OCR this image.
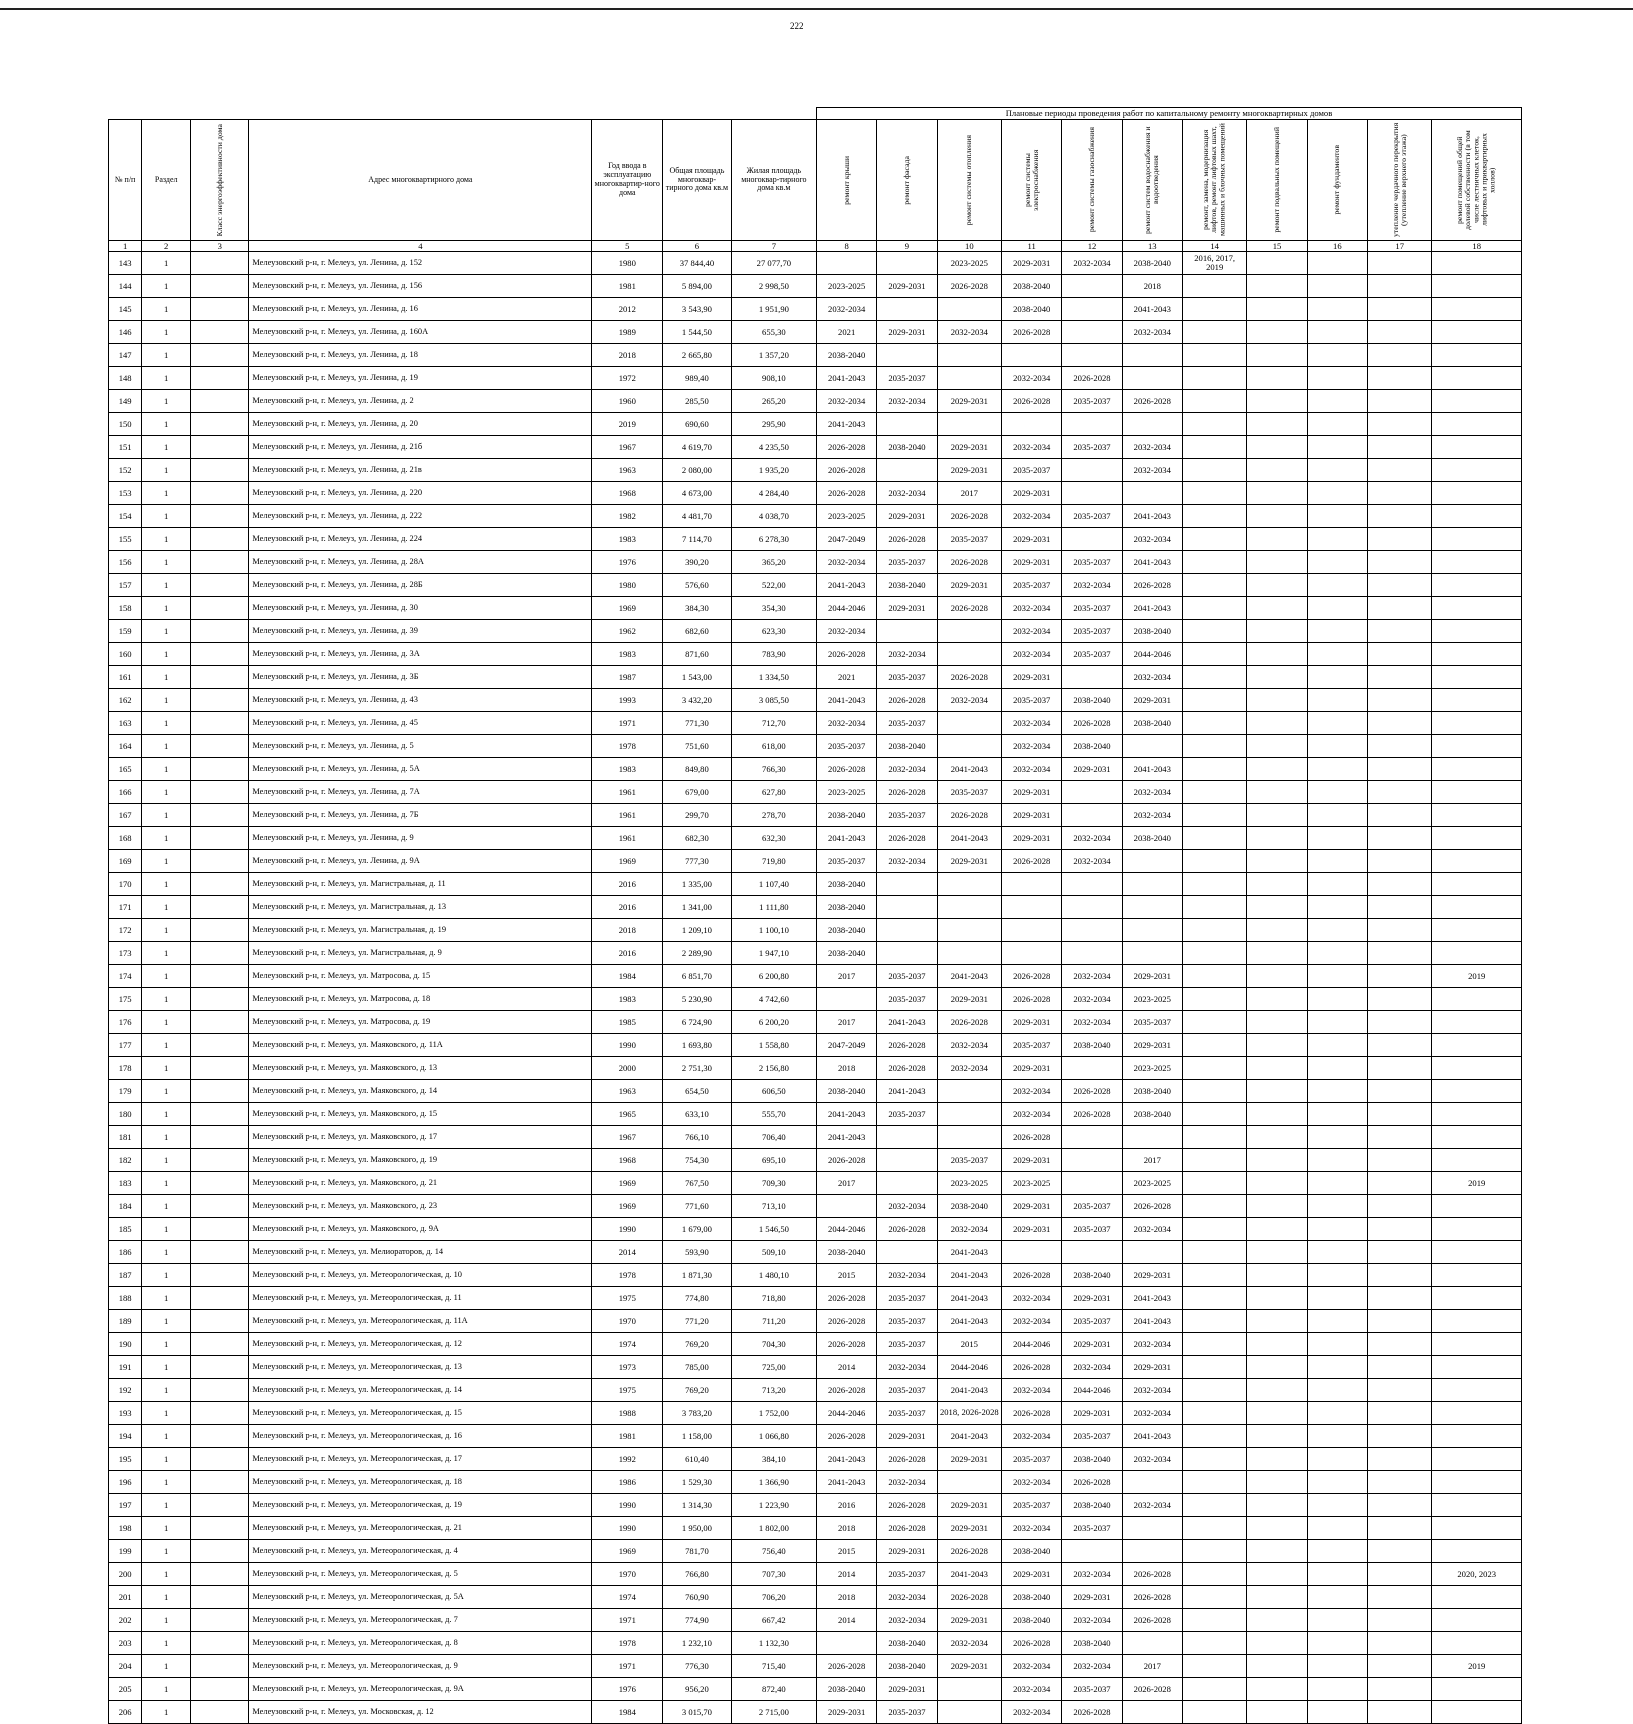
222
							Плановые периоды проведения работ по капитальному ремонту многоквартирных домов										
№ п/п	Раздел	Класс энергоэффективности дома	Адрес многоквартирного дома	Год ввода в эксплуатацию многоквартир-ного дома	Общая площадь многоквар-тирного дома кв.м	Жилая площадь многоквар-тирного дома кв.м	ремонт крыши	ремонт фасада	ремонт системы отопления	ремонт системы электроснабжения	ремонт системы газоснабжения	ремонт систем водоснабжения и водоотведения	ремонт, замена, модернизация лифтов, ремонт лифтовых шахт, машинных и блочных помещений	ремонт подвальных помещений	ремонт фундаментов	утепление чердачного перекрытия (утепление верхнего этажа)	ремонт помещений общей долевой собственности (в том числе лестничных клеток, лифтовых и приквартирных холлов)

1	2	3	4	5	6	7	8	9	10	11	12	13	14	15	16	17	18
143	1		Мелеузовский р-н, г. Мелеуз, ул. Ленина, д. 152	1980	37 844,40	27 077,70			2023-2025	2029-2031	2032-2034	2038-2040	2016, 2017, 2019				
144	1		Мелеузовский р-н, г. Мелеуз, ул. Ленина, д. 156	1981	5 894,00	2 998,50	2023-2025	2029-2031	2026-2028	2038-2040		2018					
145	1		Мелеузовский р-н, г. Мелеуз, ул. Ленина, д. 16	2012	3 543,90	1 951,90	2032-2034			2038-2040		2041-2043					
146	1		Мелеузовский р-н, г. Мелеуз, ул. Ленина, д. 160А	1989	1 544,50	655,30	2021	2029-2031	2032-2034	2026-2028		2032-2034					
147	1		Мелеузовский р-н, г. Мелеуз, ул. Ленина, д. 18	2018	2 665,80	1 357,20	2038-2040										
148	1		Мелеузовский р-н, г. Мелеуз, ул. Ленина, д. 19	1972	989,40	908,10	2041-2043	2035-2037		2032-2034	2026-2028						
149	1		Мелеузовский р-н, г. Мелеуз, ул. Ленина, д. 2	1960	285,50	265,20	2032-2034	2032-2034	2029-2031	2026-2028	2035-2037	2026-2028					
150	1		Мелеузовский р-н, г. Мелеуз, ул. Ленина, д. 20	2019	690,60	295,90	2041-2043										
151	1		Мелеузовский р-н, г. Мелеуз, ул. Ленина, д. 21б	1967	4 619,70	4 235,50	2026-2028	2038-2040	2029-2031	2032-2034	2035-2037	2032-2034					
152	1		Мелеузовский р-н, г. Мелеуз, ул. Ленина, д. 21в	1963	2 080,00	1 935,20	2026-2028		2029-2031	2035-2037		2032-2034					
153	1		Мелеузовский р-н, г. Мелеуз, ул. Ленина, д. 220	1968	4 673,00	4 284,40	2026-2028	2032-2034	2017	2029-2031							
154	1		Мелеузовский р-н, г. Мелеуз, ул. Ленина, д. 222	1982	4 481,70	4 038,70	2023-2025	2029-2031	2026-2028	2032-2034	2035-2037	2041-2043					
155	1		Мелеузовский р-н, г. Мелеуз, ул. Ленина, д. 224	1983	7 114,70	6 278,30	2047-2049	2026-2028	2035-2037	2029-2031		2032-2034					
156	1		Мелеузовский р-н, г. Мелеуз, ул. Ленина, д. 28А	1976	390,20	365,20	2032-2034	2035-2037	2026-2028	2029-2031	2035-2037	2041-2043					
157	1		Мелеузовский р-н, г. Мелеуз, ул. Ленина, д. 28Б	1980	576,60	522,00	2041-2043	2038-2040	2029-2031	2035-2037	2032-2034	2026-2028					
158	1		Мелеузовский р-н, г. Мелеуз, ул. Ленина, д. 30	1969	384,30	354,30	2044-2046	2029-2031	2026-2028	2032-2034	2035-2037	2041-2043					
159	1		Мелеузовский р-н, г. Мелеуз, ул. Ленина, д. 39	1962	682,60	623,30	2032-2034			2032-2034	2035-2037	2038-2040					
160	1		Мелеузовский р-н, г. Мелеуз, ул. Ленина, д. 3А	1983	871,60	783,90	2026-2028	2032-2034		2032-2034	2035-2037	2044-2046					
161	1		Мелеузовский р-н, г. Мелеуз, ул. Ленина, д. 3Б	1987	1 543,00	1 334,50	2021	2035-2037	2026-2028	2029-2031		2032-2034					
162	1		Мелеузовский р-н, г. Мелеуз, ул. Ленина, д. 43	1993	3 432,20	3 085,50	2041-2043	2026-2028	2032-2034	2035-2037	2038-2040	2029-2031					
163	1		Мелеузовский р-н, г. Мелеуз, ул. Ленина, д. 45	1971	771,30	712,70	2032-2034	2035-2037		2032-2034	2026-2028	2038-2040					
164	1		Мелеузовский р-н, г. Мелеуз, ул. Ленина, д. 5	1978	751,60	618,00	2035-2037	2038-2040		2032-2034	2038-2040						
165	1		Мелеузовский р-н, г. Мелеуз, ул. Ленина, д. 5А	1983	849,80	766,30	2026-2028	2032-2034	2041-2043	2032-2034	2029-2031	2041-2043					
166	1		Мелеузовский р-н, г. Мелеуз, ул. Ленина, д. 7А	1961	679,00	627,80	2023-2025	2026-2028	2035-2037	2029-2031		2032-2034					
167	1		Мелеузовский р-н, г. Мелеуз, ул. Ленина, д. 7Б	1961	299,70	278,70	2038-2040	2035-2037	2026-2028	2029-2031		2032-2034					
168	1		Мелеузовский р-н, г. Мелеуз, ул. Ленина, д. 9	1961	682,30	632,30	2041-2043	2026-2028	2041-2043	2029-2031	2032-2034	2038-2040					
169	1		Мелеузовский р-н, г. Мелеуз, ул. Ленина, д. 9А	1969	777,30	719,80	2035-2037	2032-2034	2029-2031	2026-2028	2032-2034						
170	1		Мелеузовский р-н, г. Мелеуз, ул. Магистральная, д. 11	2016	1 335,00	1 107,40	2038-2040										
171	1		Мелеузовский р-н, г. Мелеуз, ул. Магистральная, д. 13	2016	1 341,00	1 111,80	2038-2040										
172	1		Мелеузовский р-н, г. Мелеуз, ул. Магистральная, д. 19	2018	1 209,10	1 100,10	2038-2040										
173	1		Мелеузовский р-н, г. Мелеуз, ул. Магистральная, д. 9	2016	2 289,90	1 947,10	2038-2040										
174	1		Мелеузовский р-н, г. Мелеуз, ул. Матросова, д. 15	1984	6 851,70	6 200,80	2017	2035-2037	2041-2043	2026-2028	2032-2034	2029-2031					2019
175	1		Мелеузовский р-н, г. Мелеуз, ул. Матросова, д. 18	1983	5 230,90	4 742,60		2035-2037	2029-2031	2026-2028	2032-2034	2023-2025					
176	1		Мелеузовский р-н, г. Мелеуз, ул. Матросова, д. 19	1985	6 724,90	6 200,20	2017	2041-2043	2026-2028	2029-2031	2032-2034	2035-2037					
177	1		Мелеузовский р-н, г. Мелеуз, ул. Маяковского, д. 11А	1990	1 693,80	1 558,80	2047-2049	2026-2028	2032-2034	2035-2037	2038-2040	2029-2031					
178	1		Мелеузовский р-н, г. Мелеуз, ул. Маяковского, д. 13	2000	2 751,30	2 156,80	2018	2026-2028	2032-2034	2029-2031		2023-2025					
179	1		Мелеузовский р-н, г. Мелеуз, ул. Маяковского, д. 14	1963	654,50	606,50	2038-2040	2041-2043		2032-2034	2026-2028	2038-2040					
180	1		Мелеузовский р-н, г. Мелеуз, ул. Маяковского, д. 15	1965	633,10	555,70	2041-2043	2035-2037		2032-2034	2026-2028	2038-2040					
181	1		Мелеузовский р-н, г. Мелеуз, ул. Маяковского, д. 17	1967	766,10	706,40	2041-2043			2026-2028							
182	1		Мелеузовский р-н, г. Мелеуз, ул. Маяковского, д. 19	1968	754,30	695,10	2026-2028		2035-2037	2029-2031		2017					
183	1		Мелеузовский р-н, г. Мелеуз, ул. Маяковского, д. 21	1969	767,50	709,30	2017		2023-2025	2023-2025		2023-2025					2019
184	1		Мелеузовский р-н, г. Мелеуз, ул. Маяковского, д. 23	1969	771,60	713,10		2032-2034	2038-2040	2029-2031	2035-2037	2026-2028					
185	1		Мелеузовский р-н, г. Мелеуз, ул. Маяковского, д. 9А	1990	1 679,00	1 546,50	2044-2046	2026-2028	2032-2034	2029-2031	2035-2037	2032-2034					
186	1		Мелеузовский р-н, г. Мелеуз, ул. Мелиораторов, д. 14	2014	593,90	509,10	2038-2040		2041-2043								
187	1		Мелеузовский р-н, г. Мелеуз, ул. Метеорологическая, д. 10	1978	1 871,30	1 480,10	2015	2032-2034	2041-2043	2026-2028	2038-2040	2029-2031					
188	1		Мелеузовский р-н, г. Мелеуз, ул. Метеорологическая, д. 11	1975	774,80	718,80	2026-2028	2035-2037	2041-2043	2032-2034	2029-2031	2041-2043					
189	1		Мелеузовский р-н, г. Мелеуз, ул. Метеорологическая, д. 11А	1970	771,20	711,20	2026-2028	2035-2037	2041-2043	2032-2034	2035-2037	2041-2043					
190	1		Мелеузовский р-н, г. Мелеуз, ул. Метеорологическая, д. 12	1974	769,20	704,30	2026-2028	2035-2037	2015	2044-2046	2029-2031	2032-2034					
191	1		Мелеузовский р-н, г. Мелеуз, ул. Метеорологическая, д. 13	1973	785,00	725,00	2014	2032-2034	2044-2046	2026-2028	2032-2034	2029-2031					
192	1		Мелеузовский р-н, г. Мелеуз, ул. Метеорологическая, д. 14	1975	769,20	713,20	2026-2028	2035-2037	2041-2043	2032-2034	2044-2046	2032-2034					
193	1		Мелеузовский р-н, г. Мелеуз, ул. Метеорологическая, д. 15	1988	3 783,20	1 752,00	2044-2046	2035-2037	2018, 2026-2028	2026-2028	2029-2031	2032-2034					
194	1		Мелеузовский р-н, г. Мелеуз, ул. Метеорологическая, д. 16	1981	1 158,00	1 066,80	2026-2028	2029-2031	2041-2043	2032-2034	2035-2037	2041-2043					
195	1		Мелеузовский р-н, г. Мелеуз, ул. Метеорологическая, д. 17	1992	610,40	384,10	2041-2043	2026-2028	2029-2031	2035-2037	2038-2040	2032-2034					
196	1		Мелеузовский р-н, г. Мелеуз, ул. Метеорологическая, д. 18	1986	1 529,30	1 366,90	2041-2043	2032-2034		2032-2034	2026-2028						
197	1		Мелеузовский р-н, г. Мелеуз, ул. Метеорологическая, д. 19	1990	1 314,30	1 223,90	2016	2026-2028	2029-2031	2035-2037	2038-2040	2032-2034					
198	1		Мелеузовский р-н, г. Мелеуз, ул. Метеорологическая, д. 21	1990	1 950,00	1 802,00	2018	2026-2028	2029-2031	2032-2034	2035-2037						
199	1		Мелеузовский р-н, г. Мелеуз, ул. Метеорологическая, д. 4	1969	781,70	756,40	2015	2029-2031	2026-2028	2038-2040							
200	1		Мелеузовский р-н, г. Мелеуз, ул. Метеорологическая, д. 5	1970	766,80	707,30	2014	2035-2037	2041-2043	2029-2031	2032-2034	2026-2028					2020, 2023
201	1		Мелеузовский р-н, г. Мелеуз, ул. Метеорологическая, д. 5А	1974	760,90	706,20	2018	2032-2034	2026-2028	2038-2040	2029-2031	2026-2028					
202	1		Мелеузовский р-н, г. Мелеуз, ул. Метеорологическая, д. 7	1971	774,90	667,42	2014	2032-2034	2029-2031	2038-2040	2032-2034	2026-2028					
203	1		Мелеузовский р-н, г. Мелеуз, ул. Метеорологическая, д. 8	1978	1 232,10	1 132,30		2038-2040	2032-2034	2026-2028	2038-2040						
204	1		Мелеузовский р-н, г. Мелеуз, ул. Метеорологическая, д. 9	1971	776,30	715,40	2026-2028	2038-2040	2029-2031	2032-2034	2032-2034	2017					2019
205	1		Мелеузовский р-н, г. Мелеуз, ул. Метеорологическая, д. 9А	1976	956,20	872,40	2038-2040	2029-2031		2032-2034	2035-2037	2026-2028					
206	1		Мелеузовский р-н, г. Мелеуз, ул. Московская, д. 12	1984	3 015,70	2 715,00	2029-2031	2035-2037		2032-2034	2026-2028						
